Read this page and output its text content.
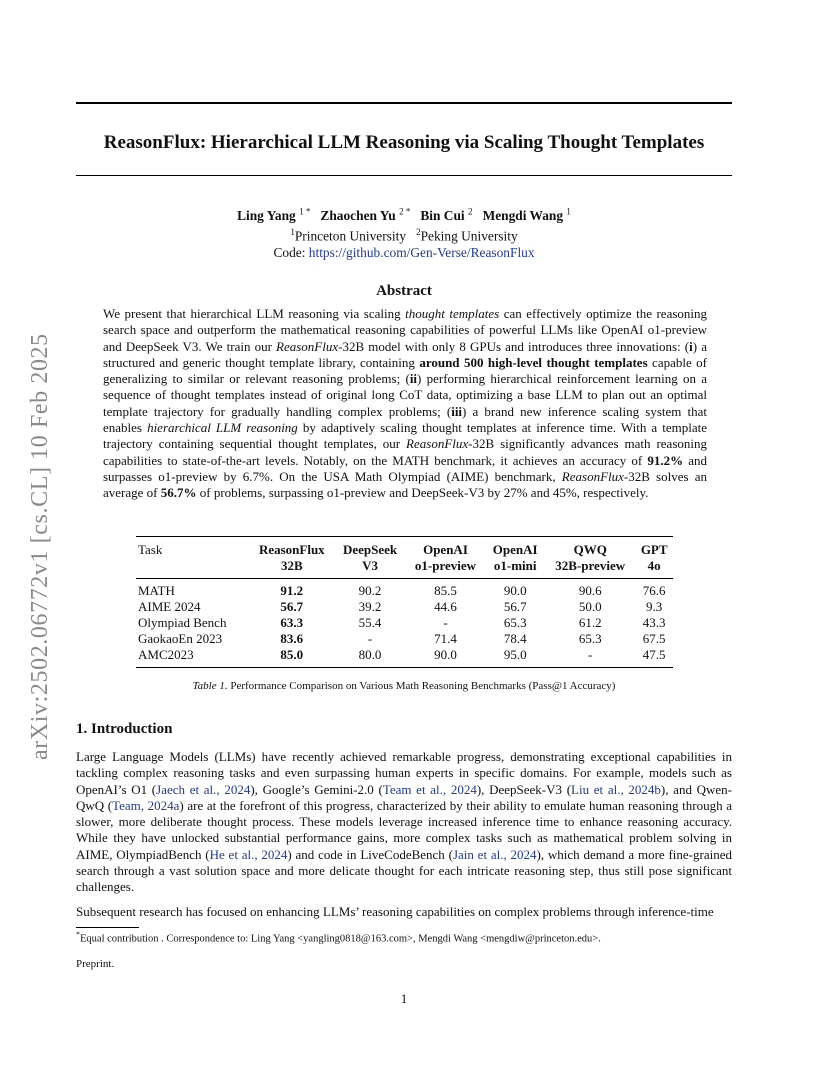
arXiv:2502.06772v1 [cs.CL] 10 Feb 2025
ReasonFlux: Hierarchical LLM Reasoning via Scaling Thought Templates
Ling Yang $^{1 *}$ Zhaochen Yu $^{2 *}$ Bin Cui $^2$ Mengdi Wang $^1$
$^1$Princeton University $^2$Peking University
Code: https://github.com/Gen-Verse/ReasonFlux
Abstract
We present that hierarchical LLM reasoning via scaling thought templates can effectively optimize the reasoning search space and outperform the mathematical reasoning capabilities of powerful LLMs like OpenAI o1-preview and DeepSeek V3. We train our ReasonFlux-32B model with only 8 GPUs and introduces three innovations: (i) a structured and generic thought template library, containing around 500 high-level thought templates capable of generalizing to similar or relevant reasoning problems; (ii) performing hierarchical reinforcement learning on a sequence of thought templates instead of original long CoT data, optimizing a base LLM to plan out an optimal template trajectory for gradually handling complex problems; (iii) a brand new inference scaling system that enables hierarchical LLM reasoning by adaptively scaling thought templates at inference time. With a template trajectory containing sequential thought templates, our ReasonFlux-32B significantly advances math reasoning capabilities to state-of-the-art levels. Notably, on the MATH benchmark, it achieves an accuracy of 91.2% and surpasses o1-preview by 6.7%. On the USA Math Olympiad (AIME) benchmark, ReasonFlux-32B solves an average of 56.7% of problems, surpassing o1-preview and DeepSeek-V3 by 27% and 45%, respectively.
Task	ReasonFlux	DeepSeek	OpenAI	OpenAI	QWQ	GPT
	32B	V3	o1-preview	o1-mini	32B-preview	4o
MATH	91.2	90.2	85.5	90.0	90.6	76.6
AIME 2024	56.7	39.2	44.6	56.7	50.0	9.3
Olympiad Bench	63.3	55.4	-	65.3	61.2	43.3
GaokaoEn 2023	83.6	-	71.4	78.4	65.3	67.5
AMC2023	85.0	80.0	90.0	95.0	-	47.5
Table 1. Performance Comparison on Various Math Reasoning Benchmarks (Pass@1 Accuracy)
1. Introduction
Large Language Models (LLMs) have recently achieved remarkable progress, demonstrating exceptional capabilities in tackling complex reasoning tasks and even surpassing human experts in specific domains. For example, models such as OpenAI’s O1 (Jaech et al., 2024), Google’s Gemini-2.0 (Team et al., 2024), DeepSeek-V3 (Liu et al., 2024b), and Qwen-QwQ (Team, 2024a) are at the forefront of this progress, characterized by their ability to emulate human reasoning through a slower, more deliberate thought process. These models leverage increased inference time to enhance reasoning accuracy. While they have unlocked substantial performance gains, more complex tasks such as mathematical problem solving in AIME, OlympiadBench (He et al., 2024) and code in LiveCodeBench (Jain et al., 2024), which demand a more fine-grained search through a vast solution space and more delicate thought for each intricate reasoning step, thus still pose significant challenges.
Subsequent research has focused on enhancing LLMs’ reasoning capabilities on complex problems through inference-time
*Equal contribution . Correspondence to: Ling Yang <yangling0818@163.com>, Mengdi Wang <mengdiw@princeton.edu>.
Preprint.
1
